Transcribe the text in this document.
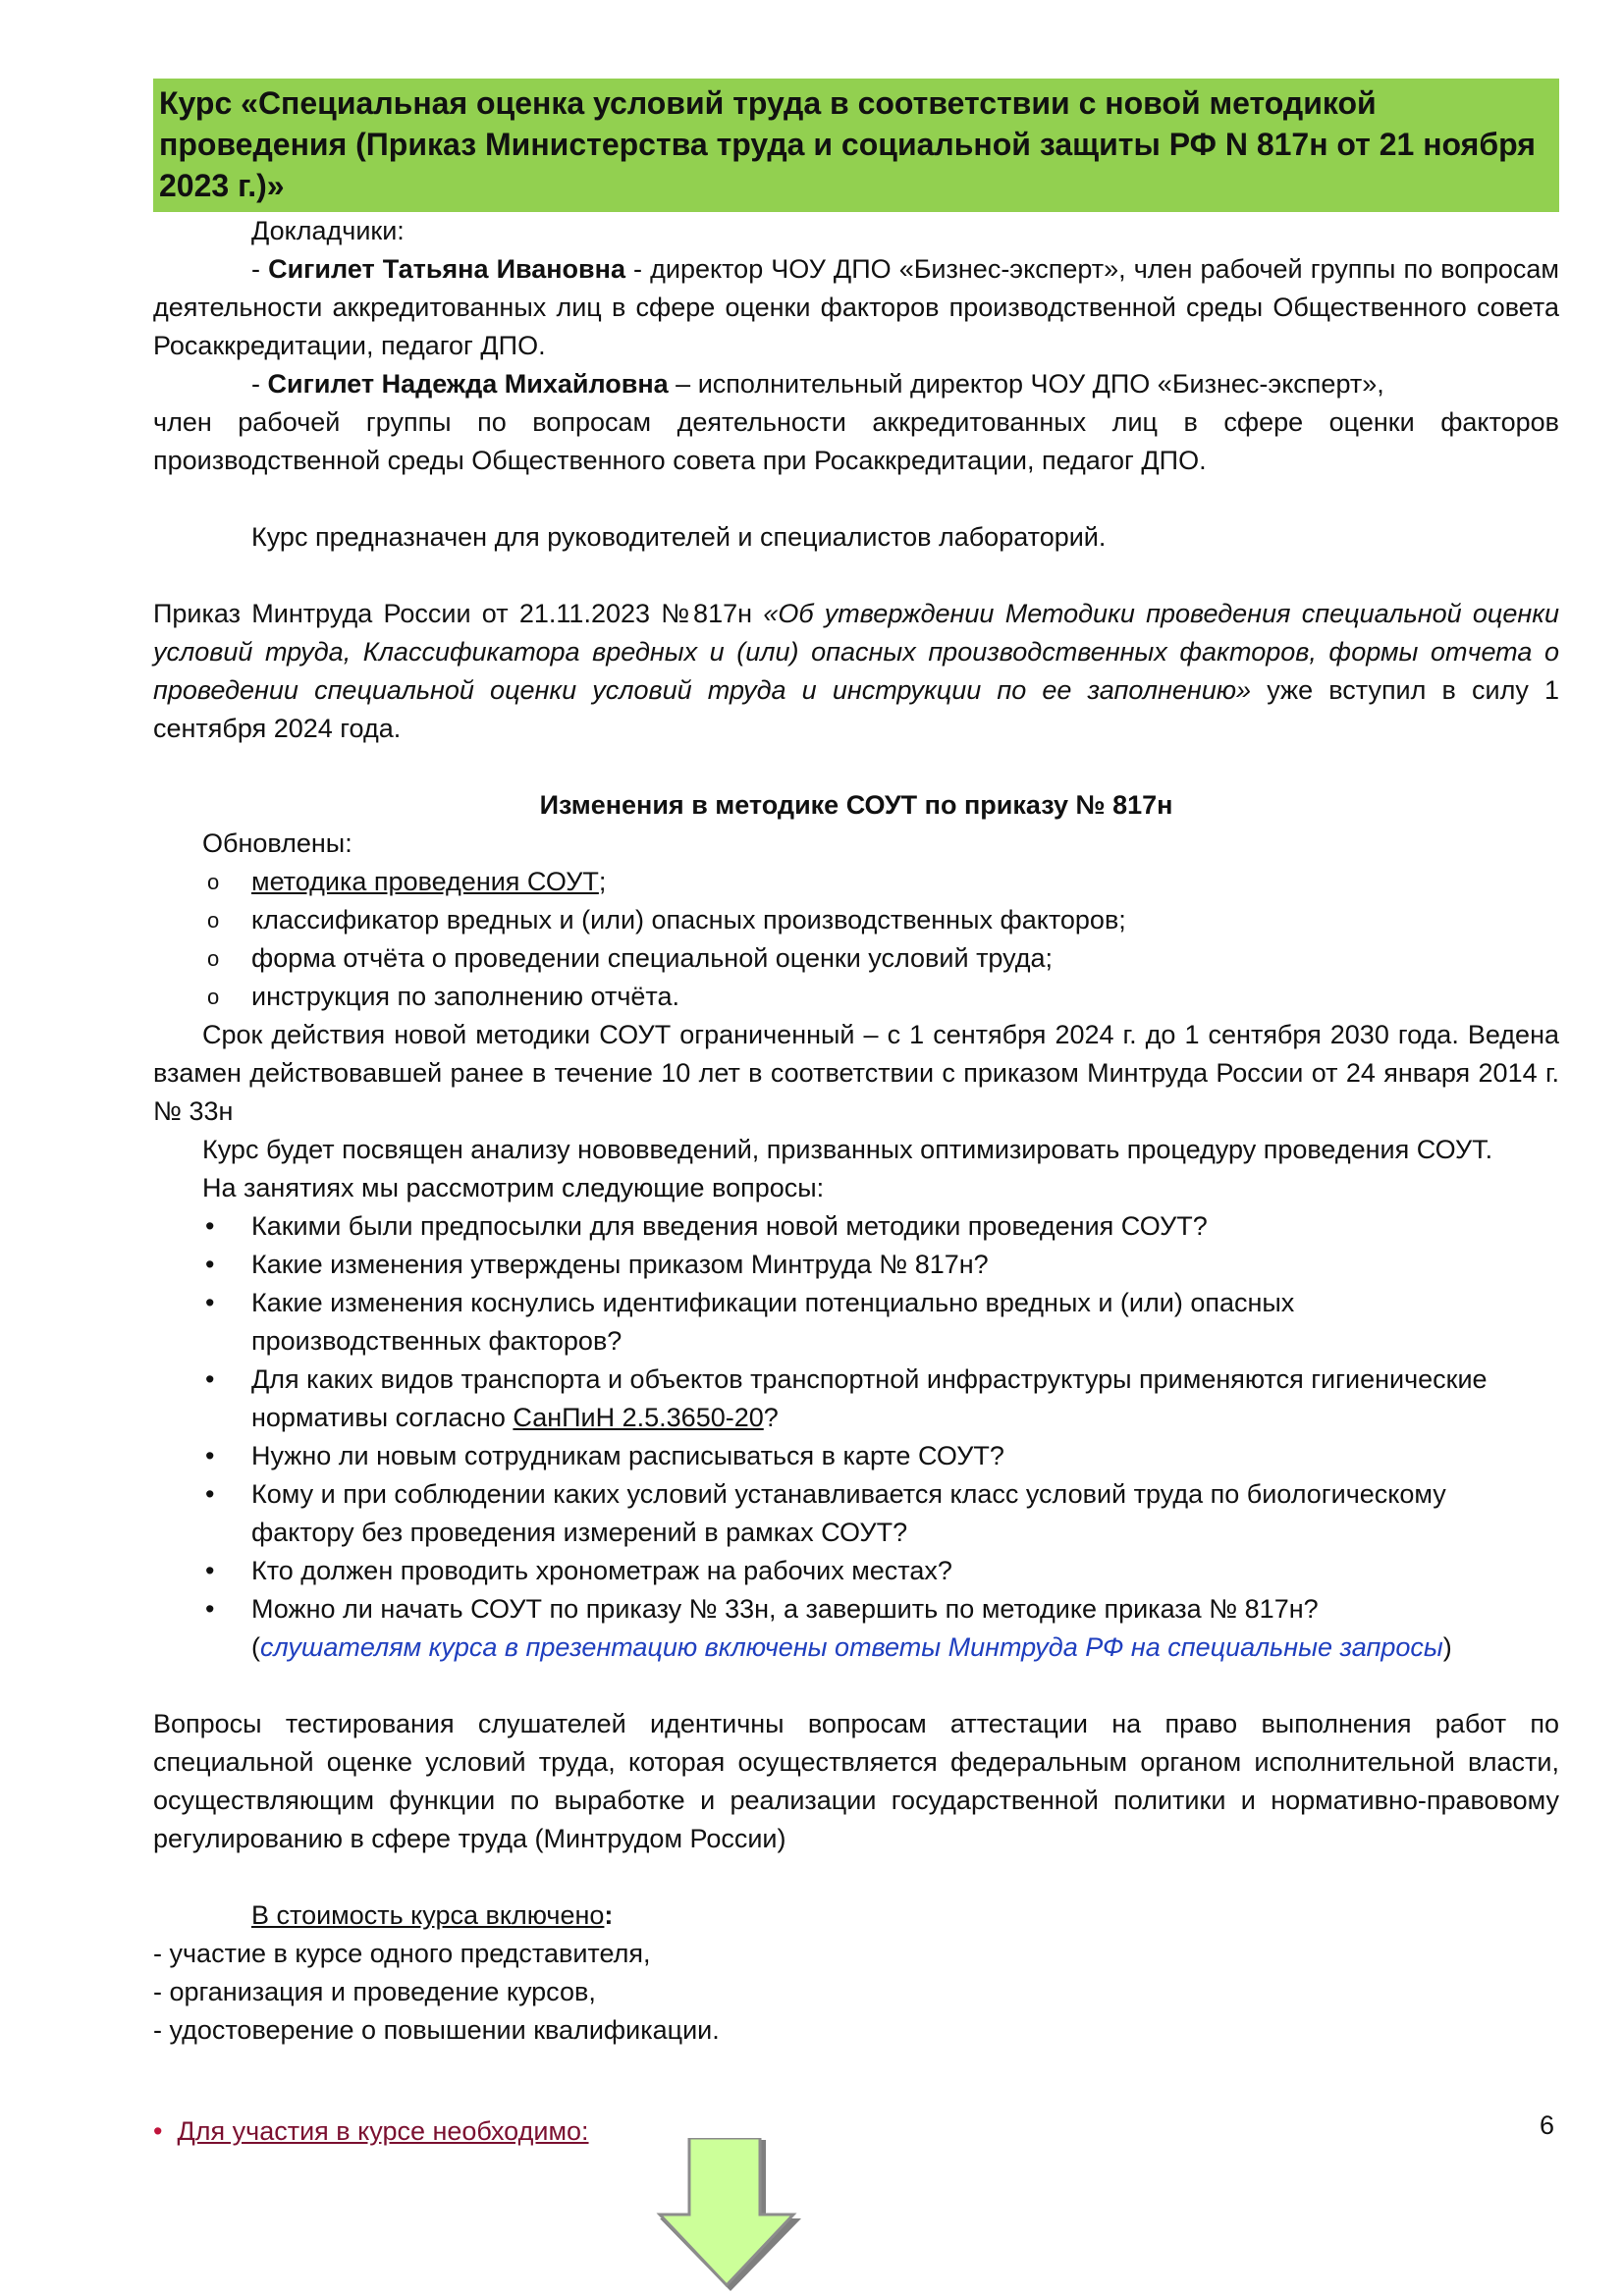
Курс «Специальная оценка условий труда в соответствии с новой методикой проведения (Приказ Министерства труда и социальной защиты РФ N 817н от 21 ноября 2023 г.)»

Докладчики:

- Сигилет Татьяна Ивановна - директор ЧОУ ДПО «Бизнес-эксперт», член рабочей группы по вопросам деятельности аккредитованных лиц в сфере оценки факторов производственной среды Общественного совета Росаккредитации, педагог ДПО.

- Сигилет Надежда Михайловна – исполнительный директор ЧОУ ДПО «Бизнес-эксперт»,

член рабочей группы по вопросам деятельности аккредитованных лиц в сфере оценки факторов производственной среды Общественного совета при Росаккредитации, педагог ДПО.

Курс предназначен для руководителей и специалистов лабораторий.

Приказ Минтруда России от 21.11.2023 №817н «Об утверждении Методики проведения специальной оценки условий труда, Классификатора вредных и (или) опасных производственных факторов, формы отчета о проведении специальной оценки условий труда и инструкции по ее заполнению» уже вступил в силу 1 сентября 2024 года.

Изменения в методике СОУТ по приказу № 817н

Обновлены:

o методика проведения СОУТ;
o классификатор вредных и (или) опасных производственных факторов;
o форма отчёта о проведении специальной оценки условий труда;
o инструкция по заполнению отчёта.

Срок действия новой методики СОУТ ограниченный – с 1 сентября 2024 г. до 1 сентября 2030 года. Ведена взамен действовавшей ранее в течение 10 лет в соответствии с приказом Минтруда России от 24 января 2014 г. № 33н

Курс будет посвящен анализу нововведений, призванных оптимизировать процедуру проведения СОУТ.

На занятиях мы рассмотрим следующие вопросы:

• Какими были предпосылки для введения новой методики проведения СОУТ?
• Какие изменения утверждены приказом Минтруда № 817н?
• Какие изменения коснулись идентификации потенциально вредных и (или) опасных производственных факторов?
• Для каких видов транспорта и объектов транспортной инфраструктуры применяются гигиенические нормативы согласно СанПиН 2.5.3650-20?
• Нужно ли новым сотрудникам расписываться в карте СОУТ?
• Кому и при соблюдении каких условий устанавливается класс условий труда по биологическому фактору без проведения измерений в рамках СОУТ?
• Кто должен проводить хронометраж на рабочих местах?
• Можно ли начать СОУТ по приказу № 33н, а завершить по методике приказа № 817н?
(слушателям курса в презентацию включены ответы Минтруда РФ на специальные запросы)

Вопросы тестирования слушателей идентичны вопросам аттестации на право выполнения работ по специальной оценке условий труда, которая осуществляется федеральным органом исполнительной власти, осуществляющим функции по выработке и реализации государственной политики и нормативно-правовому регулированию в сфере труда (Минтрудом России)

В стоимость курса включено:

- участие в курсе одного представителя,

- организация и проведение курсов,

- удостоверение о повышении квалификации.

• Для участия в курсе необходимо:	6
